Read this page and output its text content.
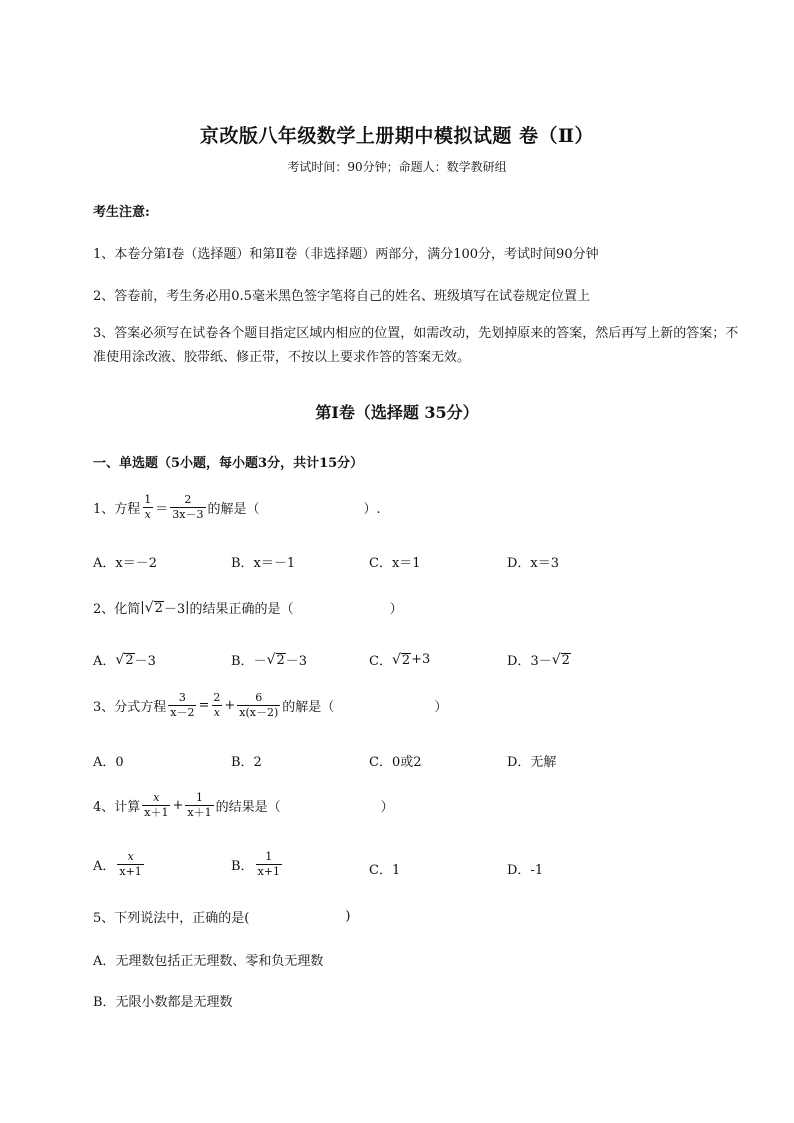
京改版八年级数学上册期中模拟试题 卷（Ⅱ）
考试时间：90分钟；命题人：数学教研组
考生注意:
1、本卷分第I卷（选择题）和第Ⅱ卷（非选择题）两部分，满分100分，考试时间90分钟
2、答卷前，考生务必用0.5毫米黑色签字笔将自己的姓名、班级填写在试卷规定位置上
3、答案必须写在试卷各个题目指定区域内相应的位置，如需改动，先划掉原来的答案，然后再写上新的答案；不准使用涂改液、胶带纸、修正带，不按以上要求作答的答案无效。
第I卷（选择题 35分）
一、单选题（5小题，每小题3分，共计15分）
1、方程 $\frac{1}{x} = \frac{2}{3x-3}$ 的解是（	）.
A．x＝－2	B．x＝－1	C．x＝1	D．x＝3
2、化简 | √ 2 －3 | 的结果正确的是（	）
A． √ 2 －3	B． － √ 2 －3	C． √ 2 +3	D． 3－ √ 2
3、分式方程 $\frac{3}{x-2} = \frac{2}{x} + \frac{6}{x(x-2)}$ 的解是（	）
A．0	B．2	C．0或2	D．无解
4、计算 $\frac{x}{x+1} + \frac{1}{x+1}$ 的结果是（	）
A． $\frac{x}{x+1}$	B． $\frac{1}{x+1}$	C．1	D．-1
5、下列说法中，正确的是(	)
A．无理数包括正无理数、零和负无理数
B．无限小数都是无理数
